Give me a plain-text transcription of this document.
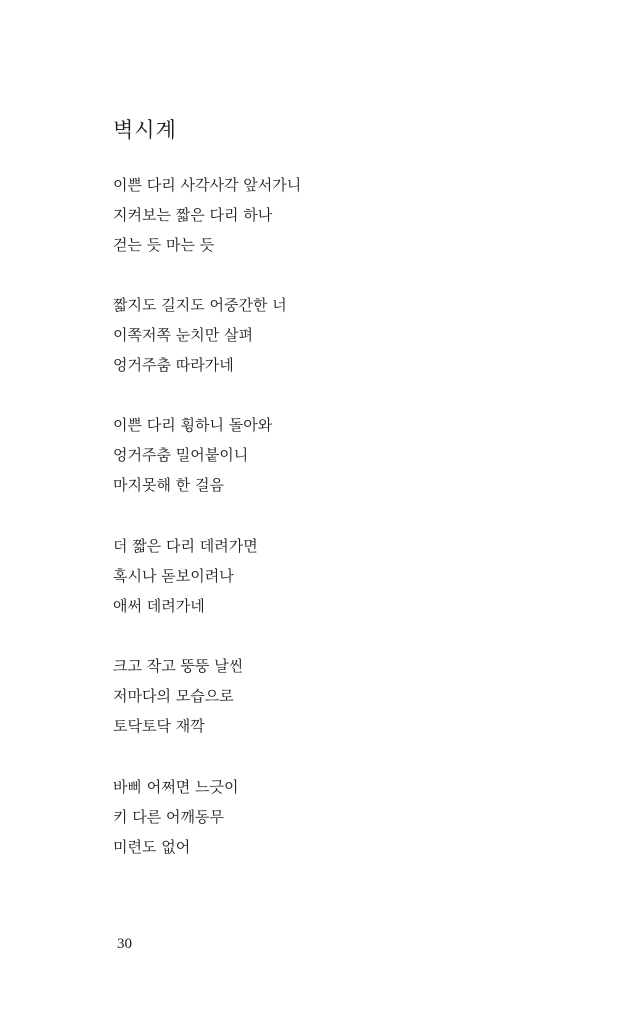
벽시계
이쁜 다리 사각사각 앞서가니
지켜보는 짧은 다리 하나
걷는 듯 마는 듯
짧지도 길지도 어중간한 너
이쪽저쪽 눈치만 살펴
엉거주춤 따라가네
이쁜 다리 휭하니 돌아와
엉거주춤 밀어붙이니
마지못해 한 걸음
더 짧은 다리 데려가면
혹시나 돋보이려나
애써 데려가네
크고 작고 뚱뚱 날씬
저마다의 모습으로
토닥토닥 재깍
바삐 어쩌면 느긋이
키 다른 어깨동무
미련도 없어
30
